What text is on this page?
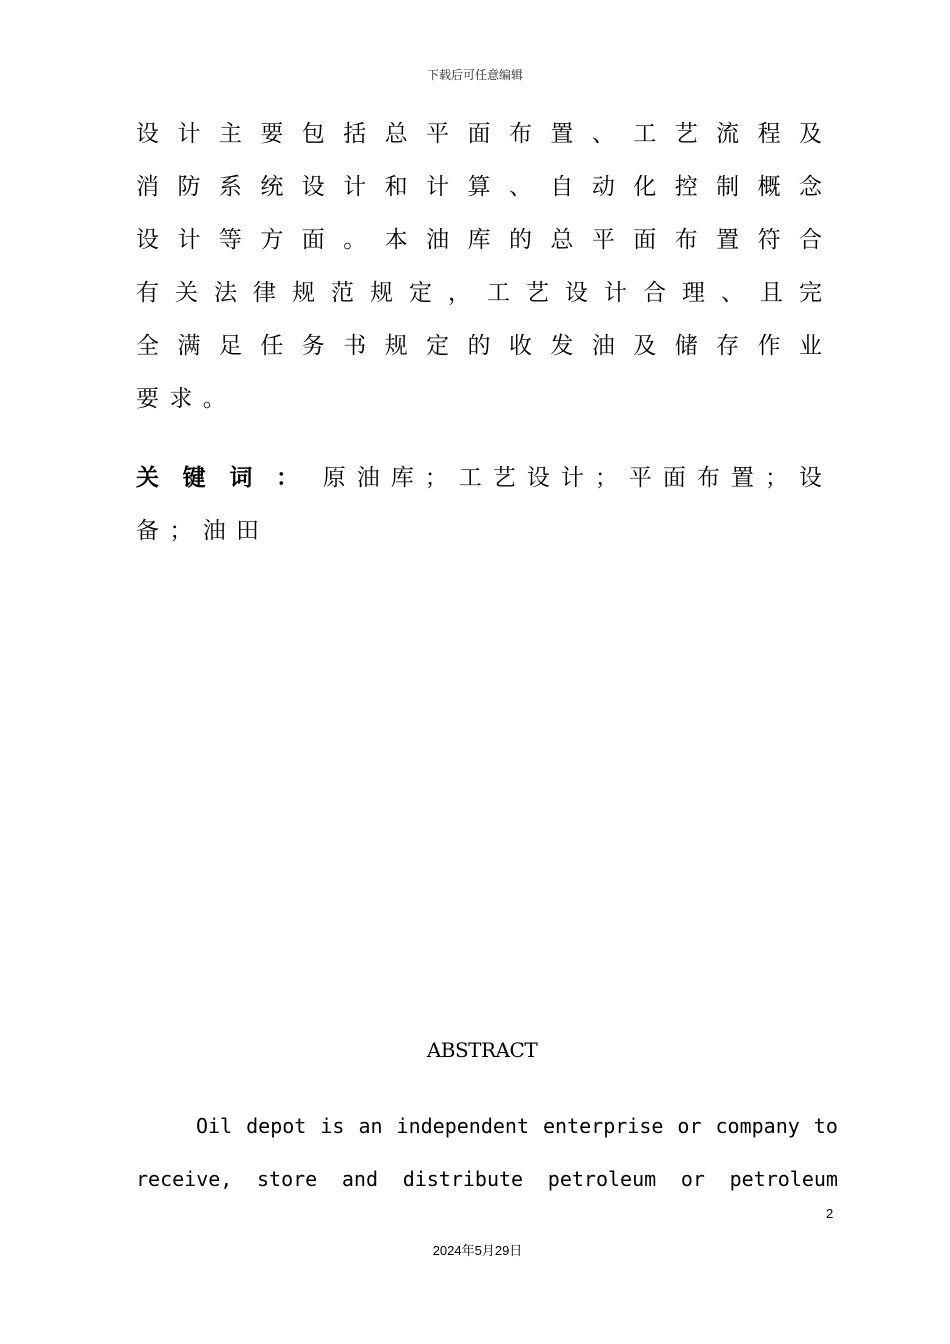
下载后可任意编辑
设计主要包括总平面布置、工艺流程及
消防系统设计和计算、自动化控制概念
设计等方面。本油库的总平面布置符合
有关法律规范规定，工艺设计合理、且完
全满足任务书规定的收发油及储存作业
要求。
关键词：原油库；工艺设计；平面布置；设
备；油田
ABSTRACT
Oil depot is an independent enterprise or company to
receive, store and distribute petroleum or petroleum
2
2024年5月29日
